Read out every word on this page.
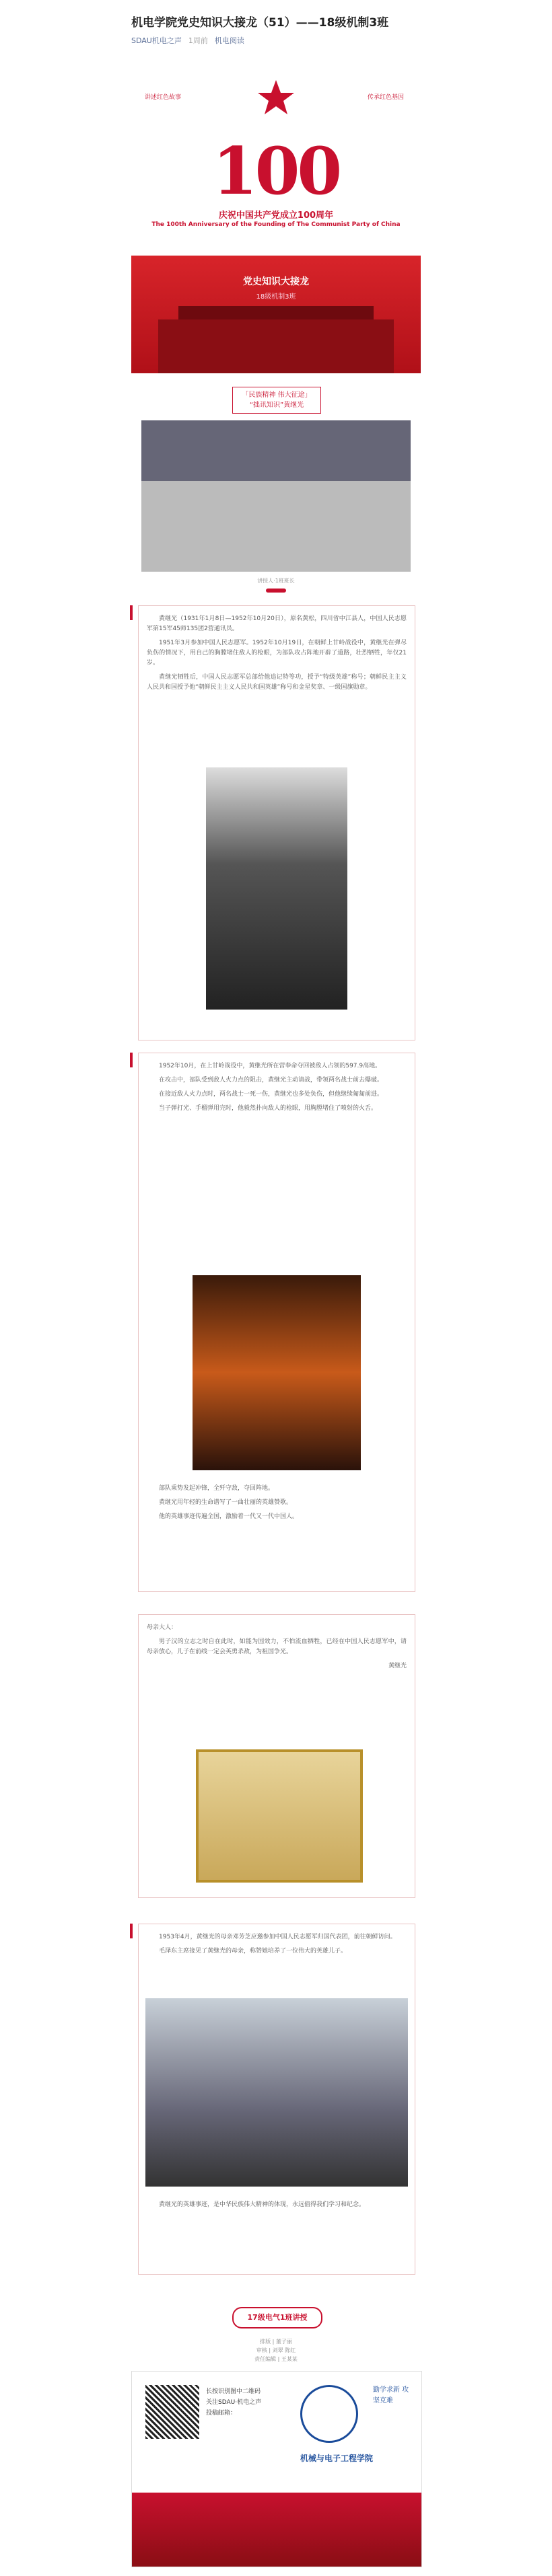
机电学院党史知识大接龙（51）——18级机制3班
SDAU机电之声 1周前 机电阅读
讲述红色故事	传承红色基因
100
庆祝中国共产党成立100周年
The 100th Anniversary of the Founding of The Communist Party of China
党史知识大接龙
18级机制3班
「民族精神 伟大征途」
“拙讯知识”黄继光
讲授人·1班班长

黄继光（1931年1月8日—1952年10月20日），原名黄松，四川省中江县人，中国人民志愿军第15军45师135团2营通讯员。

1951年3月参加中国人民志愿军。1952年10月19日，在朝鲜上甘岭战役中，黄继光在弹尽负伤的情况下，用自己的胸膛堵住敌人的枪眼，为部队攻占阵地开辟了道路，壮烈牺牲，年仅21岁。

黄继光牺牲后，中国人民志愿军总部给他追记特等功，授予“特级英雄”称号；朝鲜民主主义人民共和国授予他“朝鲜民主主义人民共和国英雄”称号和金星奖章、一级国旗勋章。

1952年10月，在上甘岭战役中，黄继光所在营奉命夺回被敌人占领的597.9高地。

在攻击中，部队受到敌人火力点的阻击，黄继光主动请战，带领两名战士前去爆破。

在接近敌人火力点时，两名战士一死一伤，黄继光也多处负伤，但他继续匍匐前进。

当子弹打光、手榴弹用完时，他毅然扑向敌人的枪眼，用胸膛堵住了喷射的火舌。

部队乘势发起冲锋，全歼守敌，夺回阵地。

黄继光用年轻的生命谱写了一曲壮丽的英雄赞歌。

他的英雄事迹传遍全国，激励着一代又一代中国人。

母亲大人：

男子汉的立志之时自在此时，如能为国效力，不怕流血牺牲，已经在中国人民志愿军中，请母亲放心，儿子在前线一定会英勇杀敌，为祖国争光。

黄继光

1953年4月，黄继光的母亲邓芳芝应邀参加中国人民志愿军归国代表团，前往朝鲜访问。

毛泽东主席接见了黄继光的母亲，称赞她培养了一位伟大的英雄儿子。

黄继光的英雄事迹，是中华民族伟大精神的体现，永远值得我们学习和纪念。

17级电气1班讲授
排版 | 董子丽
审核 | 刘翠 陈红
责任编辑 | 王某某
长按识别图中二维码
关注SDAU·机电之声
投稿邮箱：
机械与电子工程学院
勤学求新 攻坚克难
